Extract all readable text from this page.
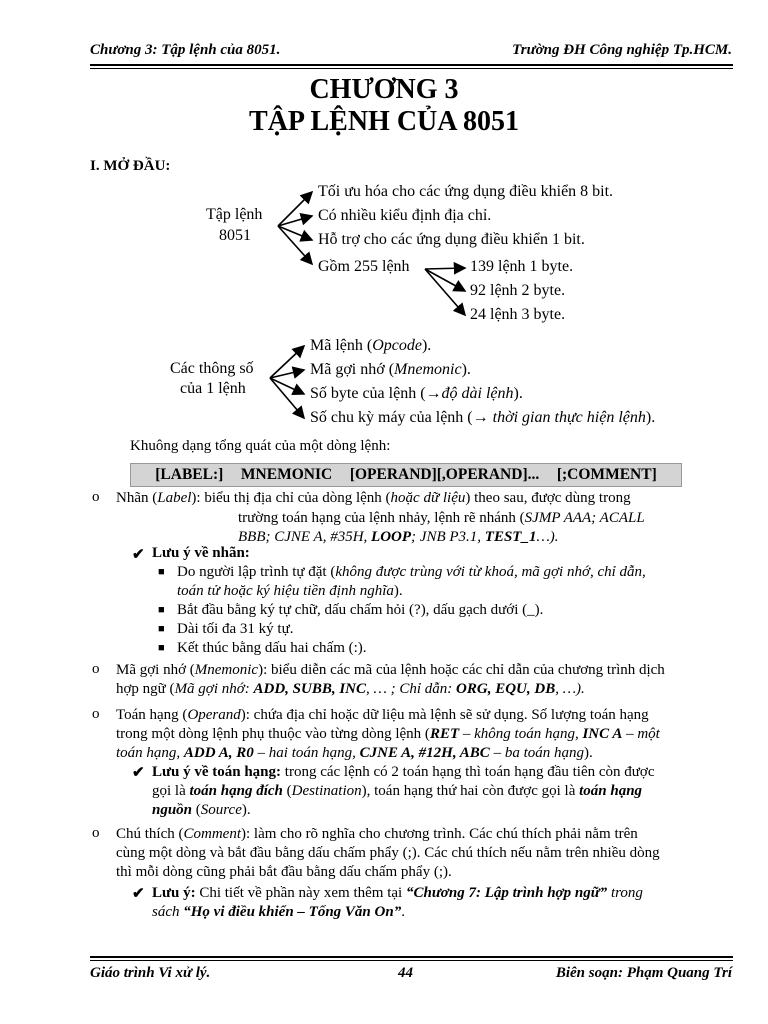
Chương 3: Tập lệnh của 8051.	Trường ĐH Công nghiệp Tp.HCM.
CHƯƠNG 3
TẬP LỆNH CỦA 8051
I. MỞ ĐẦU:
Tập lệnh
8051
Tối ưu hóa cho các ứng dụng điều khiển 8 bit.
Có nhiều kiểu định địa chỉ.
Hỗ trợ cho các ứng dụng điều khiển 1 bit.
Gồm 255 lệnh	139 lệnh 1 byte.
92 lệnh 2 byte.
24 lệnh 3 byte.
Các thông số
của 1 lệnh
Mã lệnh (Opcode).
Mã gợi nhớ (Mnemonic).
Số byte của lệnh (→độ dài lệnh).
Số chu kỳ máy của lệnh (→ thời gian thực hiện lệnh).
Khuông dạng tổng quát của một dòng lệnh:
[LABEL:]   MNEMONIC   [OPERAND][,OPERAND]...   [;COMMENT]
o Nhãn (Label): biểu thị địa chỉ của dòng lệnh (hoặc dữ liệu) theo sau, được dùng trong
trường toán hạng của lệnh nhảy, lệnh rẽ nhánh (SJMP AAA; ACALL
BBB; CJNE A, #35H, LOOP; JNB P3.1, TEST_1…).
✔ Lưu ý về nhãn:
■ Do người lập trình tự đặt (không được trùng với từ khoá, mã gợi nhớ, chỉ dẫn,
toán tử hoặc ký hiệu tiền định nghĩa).
■ Bắt đầu bằng ký tự chữ, dấu chấm hỏi (?), dấu gạch dưới (_).
■ Dài tối đa 31 ký tự.
■ Kết thúc bằng dấu hai chấm (:).
o Mã gợi nhớ (Mnemonic): biểu diễn các mã của lệnh hoặc các chỉ dẫn của chương trình dịch
hợp ngữ (Mã gợi nhớ: ADD, SUBB, INC, … ; Chỉ dẫn: ORG, EQU, DB, …).
o Toán hạng (Operand): chứa địa chỉ hoặc dữ liệu mà lệnh sẽ sử dụng. Số lượng toán hạng
trong một dòng lệnh phụ thuộc vào từng dòng lệnh (RET – không toán hạng, INC A – một
toán hạng, ADD A, R0 – hai toán hạng, CJNE A, #12H, ABC – ba toán hạng).
✔ Lưu ý về toán hạng: trong các lệnh có 2 toán hạng thì toán hạng đầu tiên còn được
gọi là toán hạng đích (Destination), toán hạng thứ hai còn được gọi là toán hạng
nguồn (Source).
o Chú thích (Comment): làm cho rõ nghĩa cho chương trình. Các chú thích phải nằm trên
cùng một dòng và bắt đầu bằng dấu chấm phẩy (;). Các chú thích nếu nằm trên nhiều dòng
thì mỗi dòng cũng phải bắt đầu bằng dấu chấm phẩy (;).
✔ Lưu ý: Chi tiết về phần này xem thêm tại “Chương 7: Lập trình hợp ngữ” trong
sách “Họ vi điều khiển – Tống Văn On”.
Giáo trình Vi xử lý.	44	Biên soạn: Phạm Quang Trí
